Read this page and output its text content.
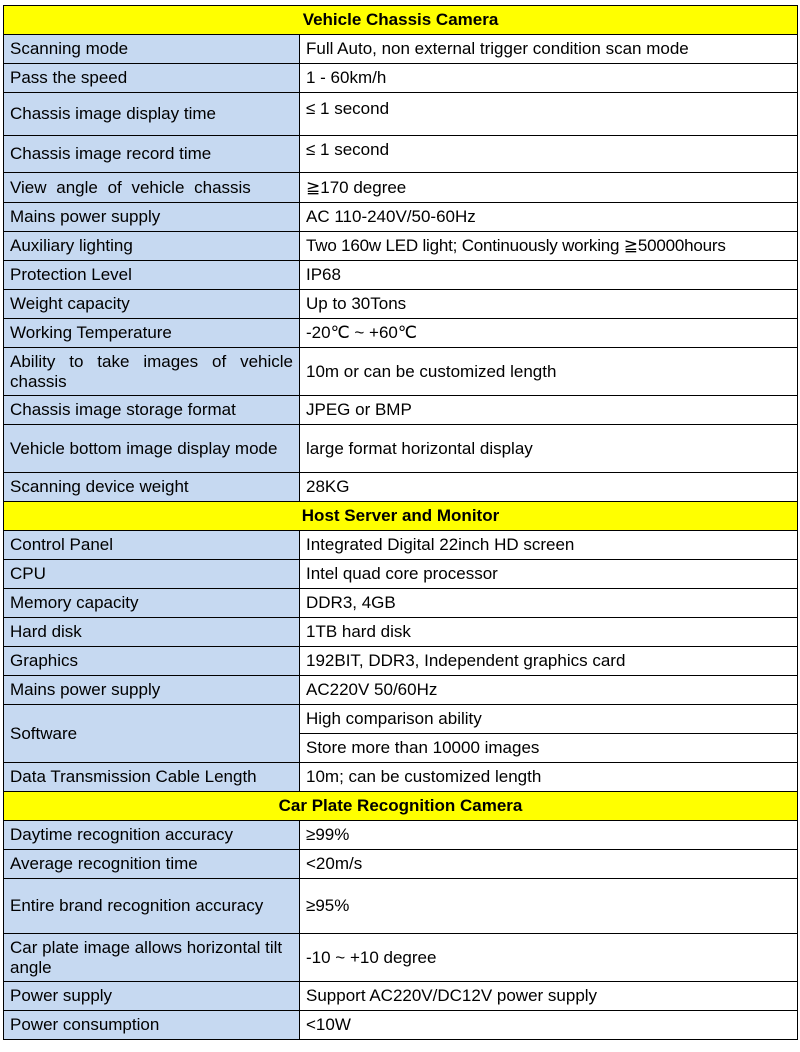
Vehicle Chassis Camera	
Scanning mode	Full Auto, non external trigger condition scan mode
Pass the speed	1 - 60km/h
Chassis image display time	≤ 1 second
Chassis image record time	≤ 1 second
View angle of vehicle chassis	≧170 degree
Mains power supply	AC 110-240V/50-60Hz
Auxiliary lighting	Two 160w LED light; Continuously working ≧50000hours
Protection Level	IP68
Weight capacity	Up to 30Tons
Working Temperature	-20℃ ~ +60℃
Ability to take images of vehicle chassis	10m or can be customized length
Chassis image storage format	JPEG or BMP
Vehicle bottom image display mode	large format horizontal display
Scanning device weight	28KG
Host Server and Monitor	
Control Panel	Integrated Digital 22inch HD screen
CPU	Intel quad core processor
Memory capacity	DDR3, 4GB
Hard disk	1TB hard disk
Graphics	192BIT, DDR3, Independent graphics card
Mains power supply	AC220V 50/60Hz
Software	High comparison ability
	Store more than 10000 images
Data Transmission Cable Length	10m; can be customized length
Car Plate Recognition Camera	
Daytime recognition accuracy	≥99%
Average recognition time	<20m/s
Entire brand recognition accuracy	≥95%
Car plate image allows horizontal tilt angle	-10 ~ +10 degree
Power supply	Support AC220V/DC12V power supply
Power consumption	<10W
